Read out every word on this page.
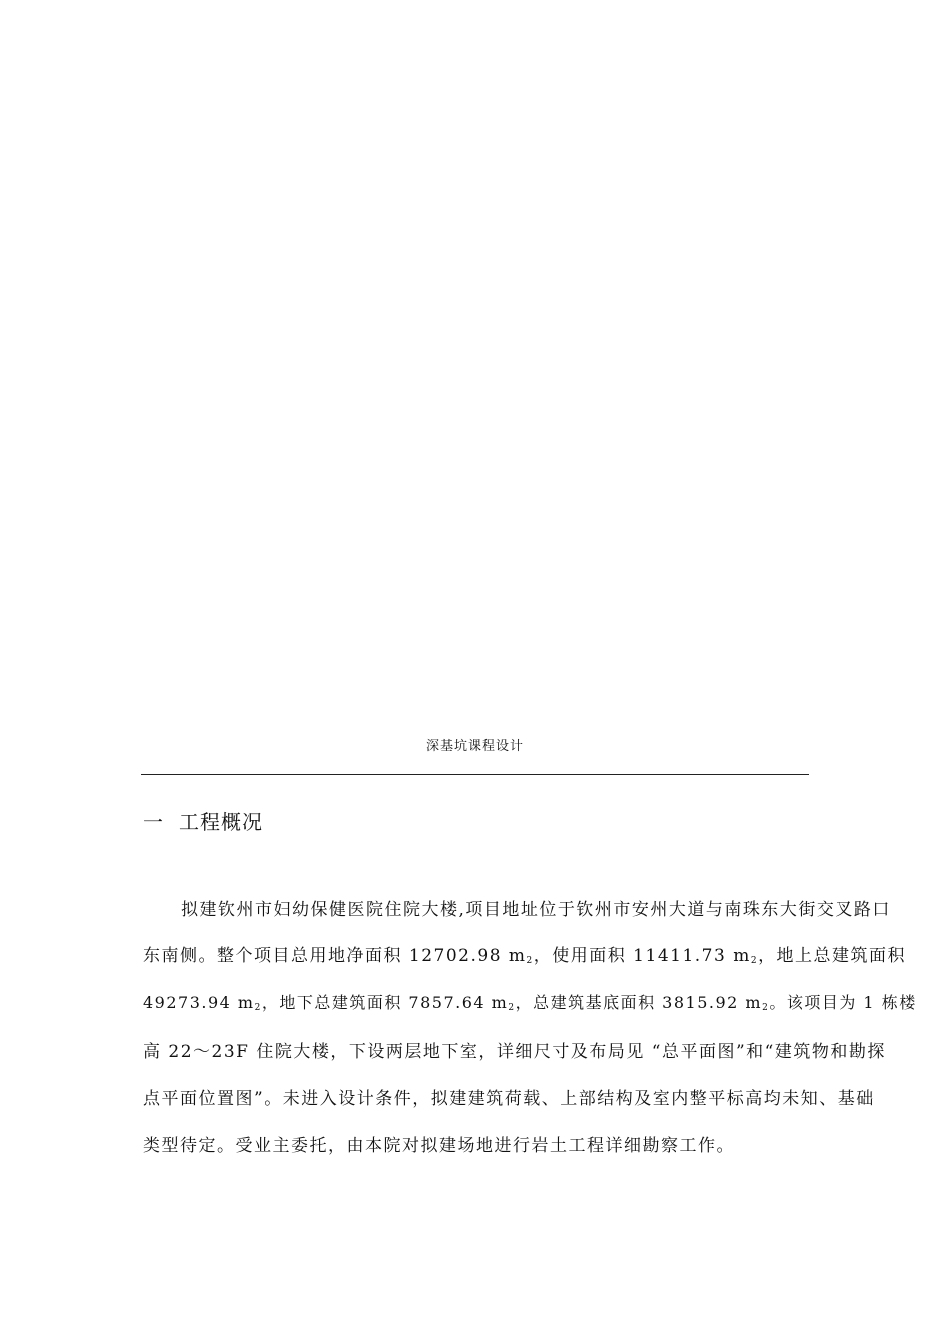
深基坑课程设计
一 工程概况
拟建钦州市妇幼保健医院住院大楼,项目地址位于钦州市安州大道与南珠东大街交叉路口
东南侧。整个项目总用地净面积 12702.98 $m_2$，使用面积 11411.73 $m_2$，地上总建筑面积
49273.94 $m_2$，地下总建筑面积 7857.64 $m_2$，总建筑基底面积 3815.92 $m_2$。该项目为 1 栋楼
高 22～23F 住院大楼，下设两层地下室，详细尺寸及布局见 “总平面图”和“建筑物和勘探
点平面位置图”。未进入设计条件，拟建建筑荷载、上部结构及室内整平标高均未知、基础
类型待定。受业主委托，由本院对拟建场地进行岩土工程详细勘察工作。
